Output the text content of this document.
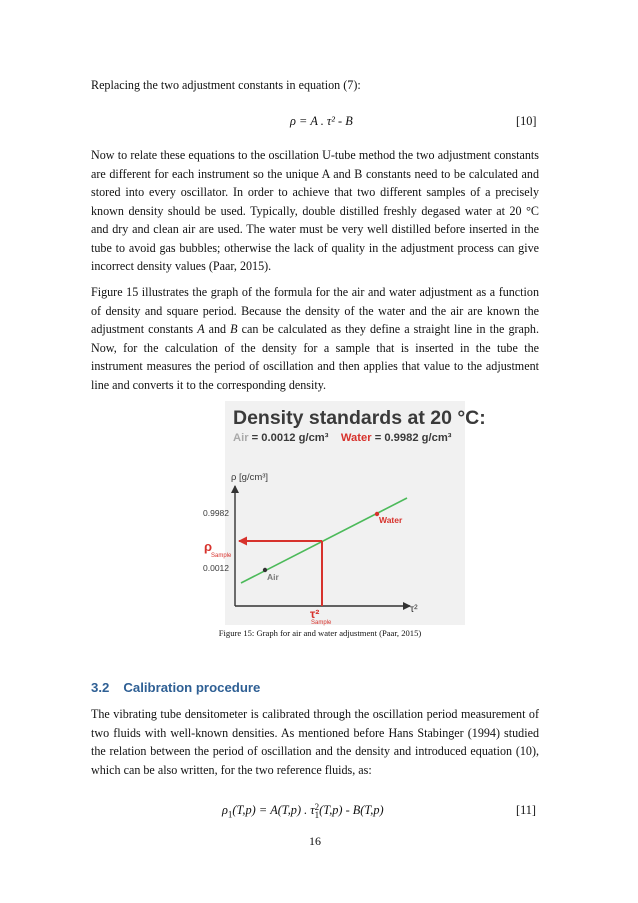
Replacing the two adjustment constants in equation (7):

ρ = A . τ² - B	[10]

Now to relate these equations to the oscillation U-tube method the two adjustment constants are different for each instrument so the unique A and B constants need to be calculated and stored into every oscillator. In order to achieve that two different samples of a precisely known density should be used. Typically, double distilled freshly degased water at 20 °C and dry and clean air are used. The water must be very well distilled before inserted in the tube to avoid gas bubbles; otherwise the lack of quality in the adjustment process can give incorrect density values (Paar, 2015).

Figure 15 illustrates the graph of the formula for the air and water adjustment as a function of density and square period. Because the density of the water and the air are known the adjustment constants A and B can be calculated as they define a straight line in the graph. Now, for the calculation of the density for a sample that is inserted in the tube the instrument measures the period of oscillation and then applies that value to the adjustment line and converts it to the corresponding density.

Density standards at 20 °C:
Air = 0.0012 g/cm³ Water = 0.9982 g/cm³
ρ [g/cm³]
τ²
0.9982
0.0012
Air
Water
ρ
Sample
τ²
Sample
Figure 15: Graph for air and water adjustment (Paar, 2015)
3.2 Calibration procedure

The vibrating tube densitometer is calibrated through the oscillation period measurement of two fluids with well-known densities. As mentioned before Hans Stabinger (1994) studied the relation between the period of oscillation and the density and introduced equation (10), which can be also written, for the two reference fluids, as:

$\rho_1(T,p) = A(T,p)$ . τ 2
1 (T,p) - B(T,p)	[11]
16
